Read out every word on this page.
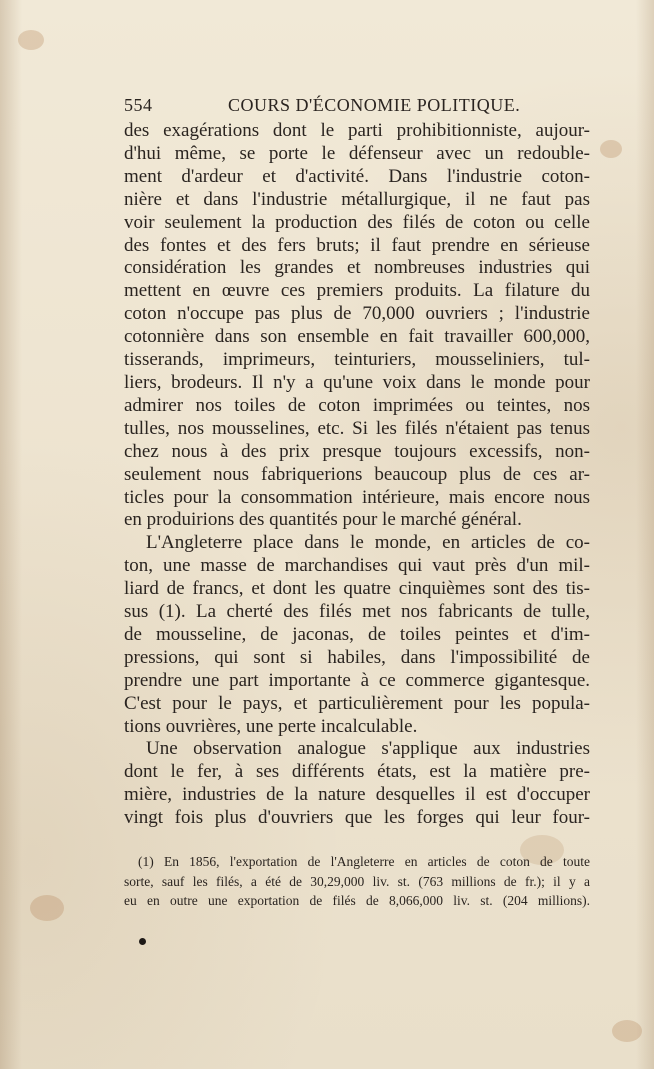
554	COURS D'ÉCONOMIE POLITIQUE.
des exagérations dont le parti prohibitionniste, aujour-
d'hui même, se porte le défenseur avec un redouble-
ment d'ardeur et d'activité. Dans l'industrie coton-
nière et dans l'industrie métallurgique, il ne faut pas
voir seulement la production des filés de coton ou celle
des fontes et des fers bruts; il faut prendre en sérieuse
considération les grandes et nombreuses industries qui
mettent en œuvre ces premiers produits. La filature du
coton n'occupe pas plus de 70,000 ouvriers ; l'industrie
cotonnière dans son ensemble en fait travailler 600,000,
tisserands, imprimeurs, teinturiers, mousseliniers, tul-
liers, brodeurs. Il n'y a qu'une voix dans le monde pour
admirer nos toiles de coton imprimées ou teintes, nos
tulles, nos mousselines, etc. Si les filés n'étaient pas tenus
chez nous à des prix presque toujours excessifs, non-
seulement nous fabriquerions beaucoup plus de ces ar-
ticles pour la consommation intérieure, mais encore nous
en produirions des quantités pour le marché général.
L'Angleterre place dans le monde, en articles de co-
ton, une masse de marchandises qui vaut près d'un mil-
liard de francs, et dont les quatre cinquièmes sont des tis-
sus (1). La cherté des filés met nos fabricants de tulle,
de mousseline, de jaconas, de toiles peintes et d'im-
pressions, qui sont si habiles, dans l'impossibilité de
prendre une part importante à ce commerce gigantesque.
C'est pour le pays, et particulièrement pour les popula-
tions ouvrières, une perte incalculable.
Une observation analogue s'applique aux industries
dont le fer, à ses différents états, est la matière pre-
mière, industries de la nature desquelles il est d'occuper
vingt fois plus d'ouvriers que les forges qui leur four-
(1) En 1856, l'exportation de l'Angleterre en articles de coton de toute
sorte, sauf les filés, a été de 30,29,000 liv. st. (763 millions de fr.); il y a
eu en outre une exportation de filés de 8,066,000 liv. st. (204 millions).
